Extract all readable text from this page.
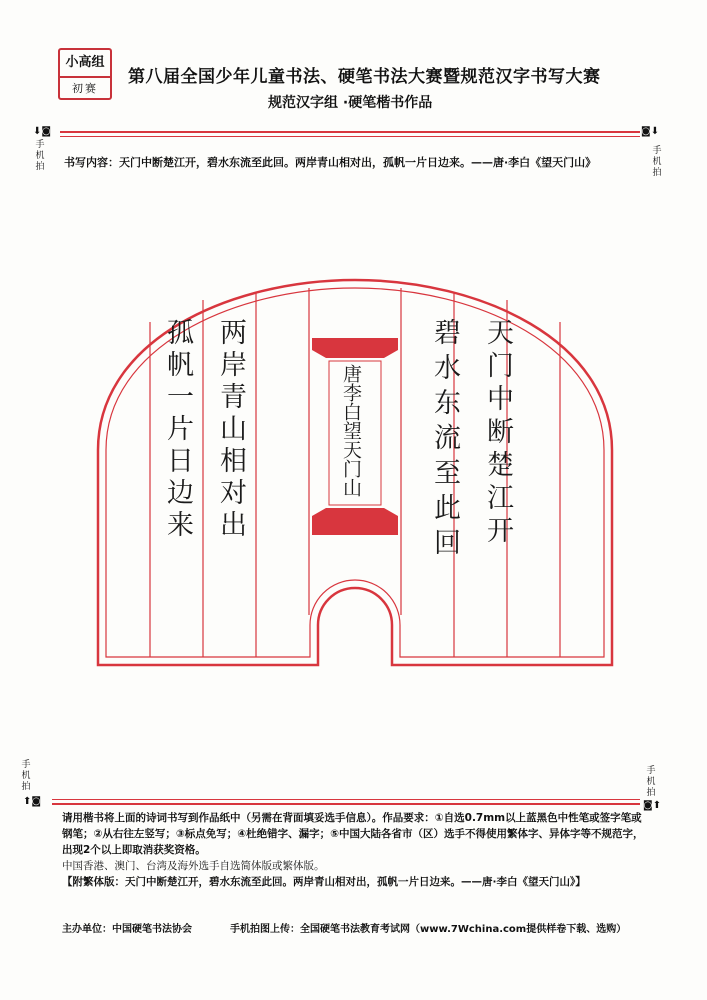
小高组
初赛
第八届全国少年儿童书法、硬笔书法大赛暨规范汉字书写大赛
规范汉字组 ·硬笔楷书作品
⬇◙
手机拍
◙⬇
手机拍
书写内容：天门中断楚江开，碧水东流至此回。两岸青山相对出，孤帆一片日边来。——唐·李白《望天门山》
天门中断楚江开
碧水东流至此回
唐李白望天门山
两岸青山相对出
孤帆一片日边来
手机拍
⬆◙
手机拍
◙⬆

请用楷书将上面的诗词书写到作品纸中（另需在背面填妥选手信息）。作品要求：①自选0.7mm以上蓝黑色中性笔或签字笔或钢笔；②从右往左竖写；③标点免写；④杜绝错字、漏字；⑤中国大陆各省市（区）选手不得使用繁体字、异体字等不规范字，出现2个以上即取消获奖资格。

中国香港、澳门、台湾及海外选手自选简体版或繁体版。

【附繁体版：天门中断楚江开，碧水东流至此回。两岸青山相对出，孤帆一片日边来。——唐·李白《望天门山》】

主办单位：中国硬笔书法协会	手机拍图上传：全国硬笔书法教育考试网（www.7Wchina.com提供样卷下载、选购）
